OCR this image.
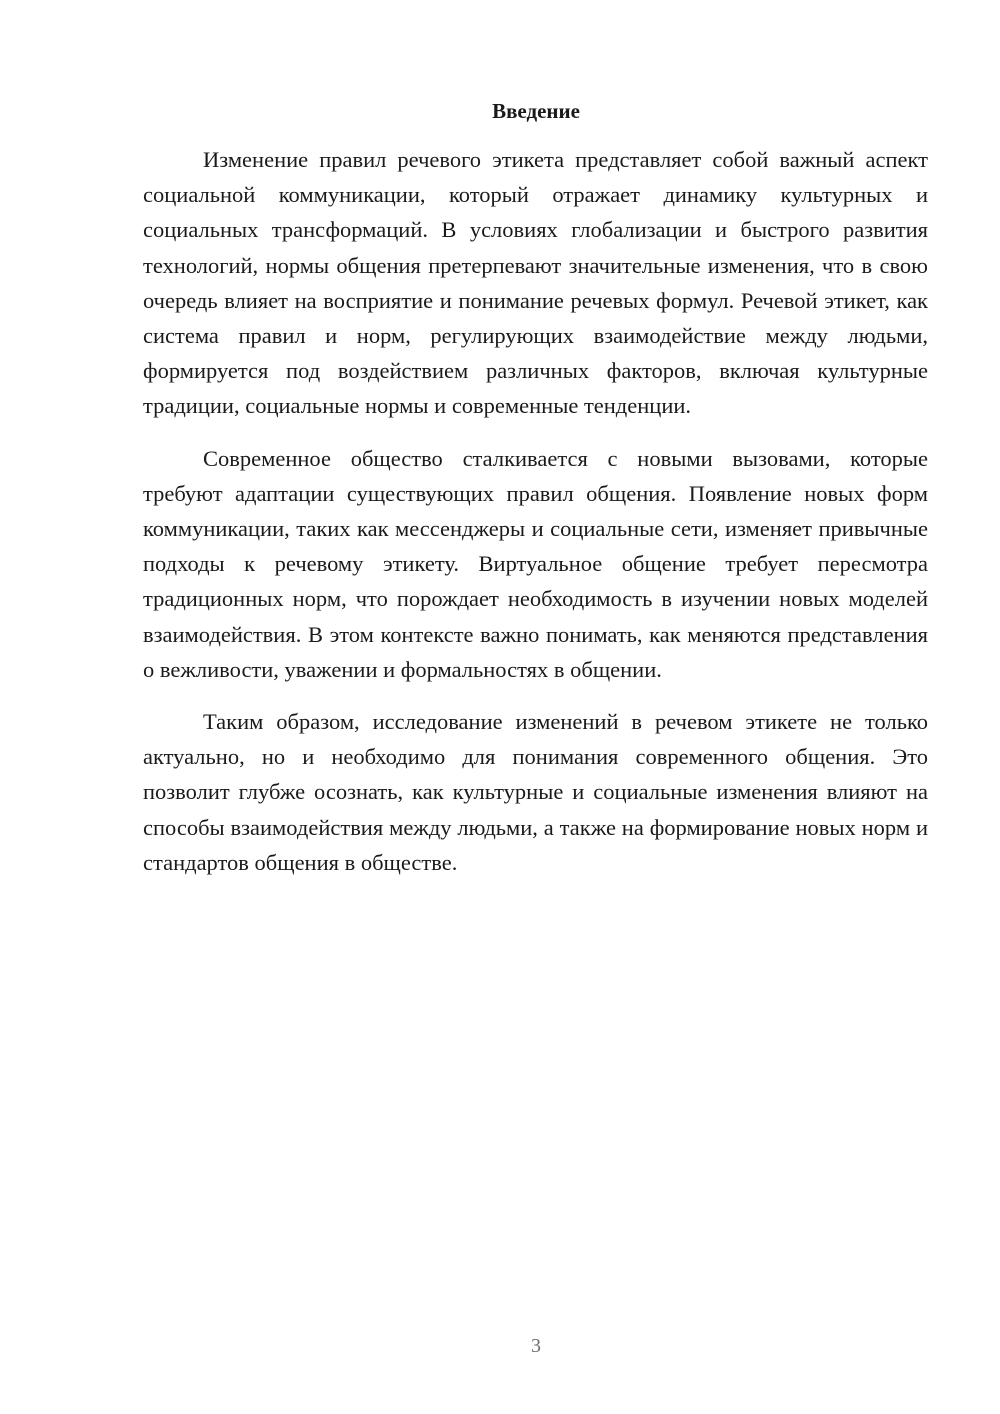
Введение

Изменение правил речевого этикета представляет собой важный аспект социальной коммуникации, который отражает динамику культурных и социальных трансформаций. В условиях глобализации и быстрого развития технологий, нормы общения претерпевают значительные изменения, что в свою очередь влияет на восприятие и понимание речевых формул. Речевой этикет, как система правил и норм, регулирующих взаимодействие между людьми, формируется под воздействием различных факторов, включая культурные традиции, социальные нормы и современные тенденции.

Современное общество сталкивается с новыми вызовами, которые требуют адаптации существующих правил общения. Появление новых форм коммуникации, таких как мессенджеры и социальные сети, изменяет привычные подходы к речевому этикету. Виртуальное общение требует пересмотра традиционных норм, что порождает необходимость в изучении новых моделей взаимодействия. В этом контексте важно понимать, как меняются представления о вежливости, уважении и формальностях в общении.

Таким образом, исследование изменений в речевом этикете не только актуально, но и необходимо для понимания современного общения. Это позволит глубже осознать, как культурные и социальные изменения влияют на способы взаимодействия между людьми, а также на формирование новых норм и стандартов общения в обществе.

3
